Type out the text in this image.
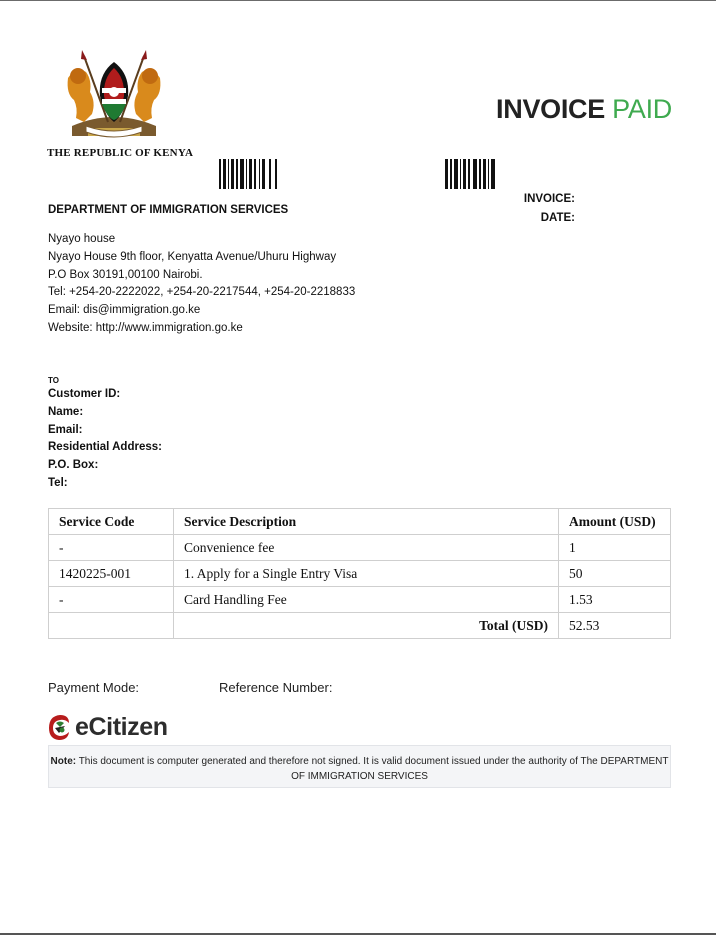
THE REPUBLIC OF KENYA
INVOICE PAID
INVOICE:
DATE:
DEPARTMENT OF IMMIGRATION SERVICES
Nyayo house
Nyayo House 9th floor, Kenyatta Avenue/Uhuru Highway
P.O Box 30191,00100 Nairobi.
Tel: +254-20-2222022, +254-20-2217544, +254-20-2218833
Email: dis@immigration.go.ke
Website: http://www.immigration.go.ke
TO
Customer ID:
Name:
Email:
Residential Address:
P.O. Box:
Tel:
Service Code	Service Description	Amount (USD)
-	Convenience fee	1
1420225-001	1. Apply for a Single Entry Visa	50
-	Card Handling Fee	1.53
	Total (USD)	52.53
Payment Mode:	Reference Number:
eCitizen
Note: This document is computer generated and therefore not signed. It is valid document issued under the authority of The DEPARTMENT OF IMMIGRATION SERVICES
